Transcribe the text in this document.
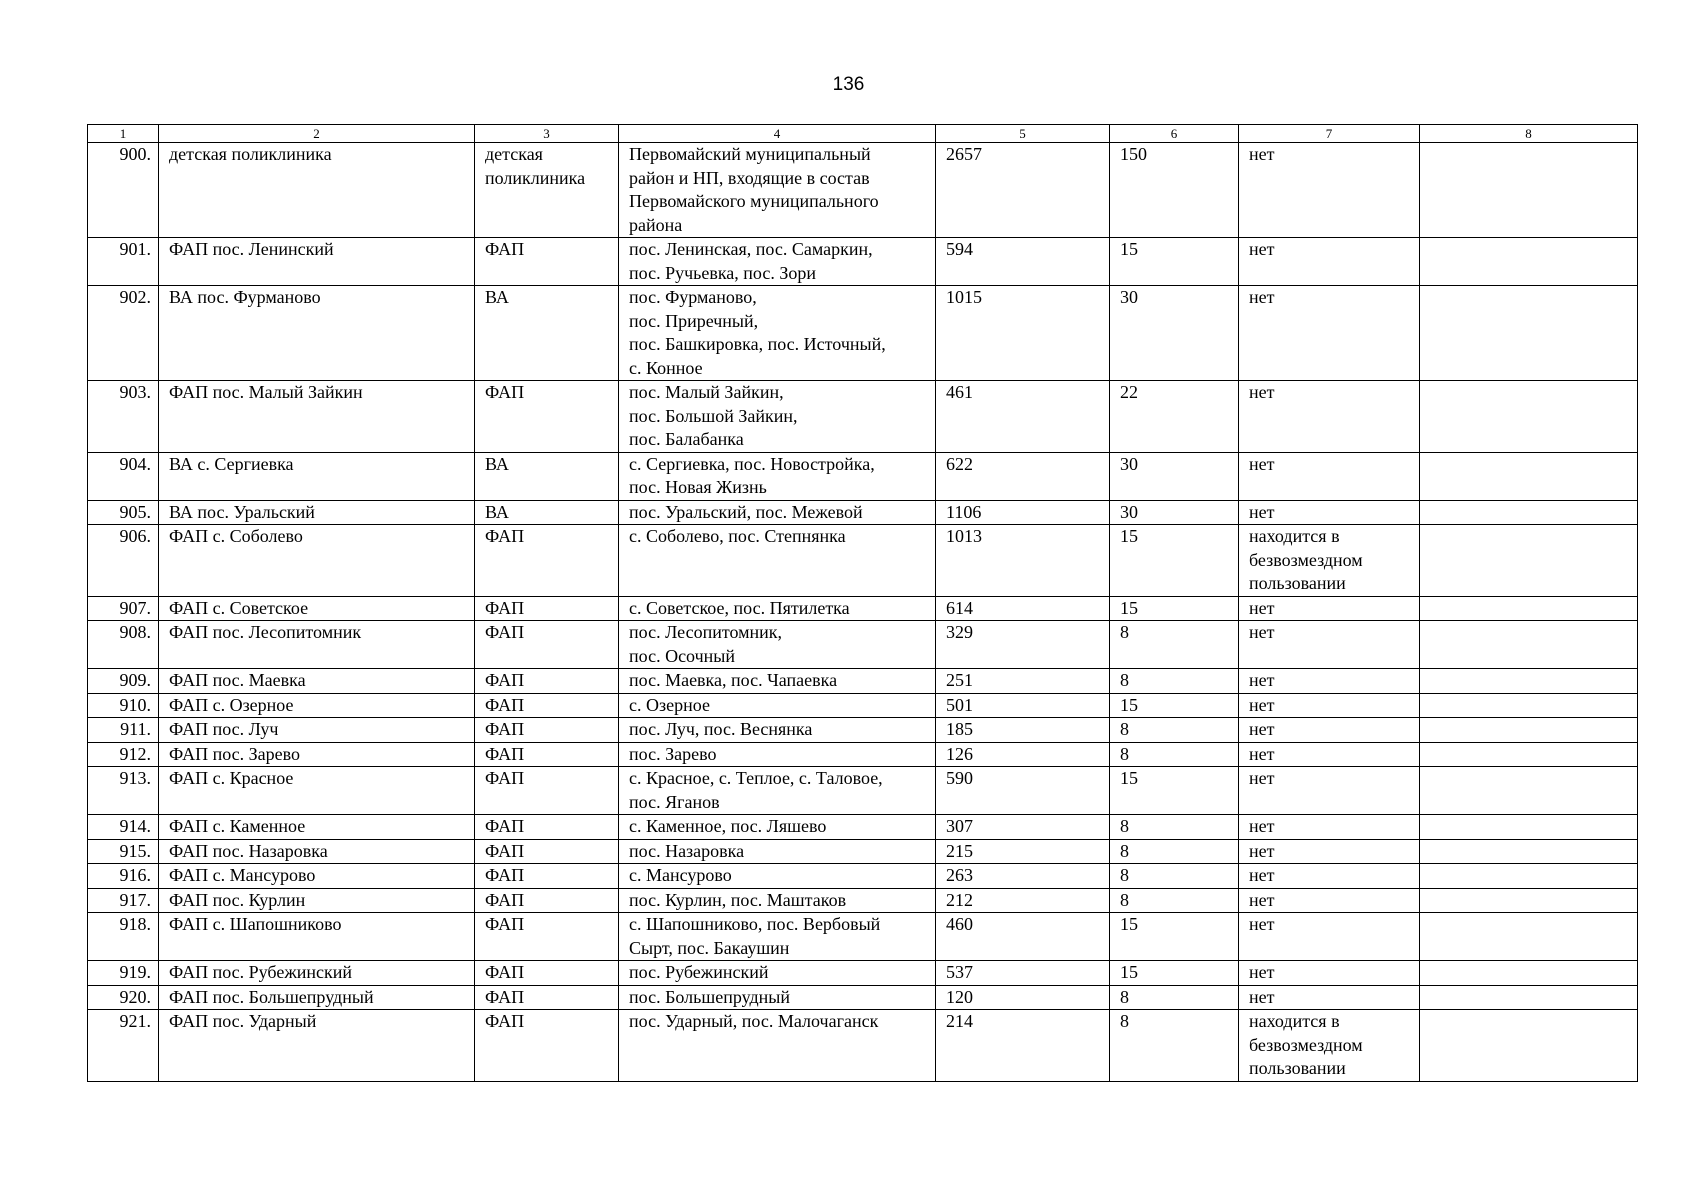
136
1	2	3	4	5	6	7	8
900.	детская поликлиника	детская
поликлиника	Первомайский муниципальный
район и НП, входящие в состав
Первомайского муниципального
района	2657	150	нет	
901.	ФАП пос. Ленинский	ФАП	пос. Ленинская, пос. Самаркин,
пос. Ручьевка, пос. Зори	594	15	нет	
902.	ВА пос. Фурманово	ВА	пос. Фурманово,
пос. Приречный,
пос. Башкировка, пос. Источный,
с. Конное	1015	30	нет	
903.	ФАП пос. Малый Зайкин	ФАП	пос. Малый Зайкин,
пос. Большой Зайкин,
пос. Балабанка	461	22	нет	
904.	ВА с. Сергиевка	ВА	с. Сергиевка, пос. Новостройка,
пос. Новая Жизнь	622	30	нет	
905.	ВА пос. Уральский	ВА	пос. Уральский, пос. Межевой	1106	30	нет	
906.	ФАП с. Соболево	ФАП	с. Соболево, пос. Степнянка	1013	15	находится в
безвозмездном
пользовании	
907.	ФАП с. Советское	ФАП	с. Советское, пос. Пятилетка	614	15	нет	
908.	ФАП пос. Лесопитомник	ФАП	пос. Лесопитомник,
пос. Осочный	329	8	нет	
909.	ФАП пос. Маевка	ФАП	пос. Маевка, пос. Чапаевка	251	8	нет	
910.	ФАП с. Озерное	ФАП	с. Озерное	501	15	нет	
911.	ФАП пос. Луч	ФАП	пос. Луч, пос. Веснянка	185	8	нет	
912.	ФАП пос. Зарево	ФАП	пос. Зарево	126	8	нет	
913.	ФАП с. Красное	ФАП	с. Красное, с. Теплое, с. Таловое,
пос. Яганов	590	15	нет	
914.	ФАП с. Каменное	ФАП	с. Каменное, пос. Ляшево	307	8	нет	
915.	ФАП пос. Назаровка	ФАП	пос. Назаровка	215	8	нет	
916.	ФАП с. Мансурово	ФАП	с. Мансурово	263	8	нет	
917.	ФАП пос. Курлин	ФАП	пос. Курлин, пос. Маштаков	212	8	нет	
918.	ФАП с. Шапошниково	ФАП	с. Шапошниково, пос. Вербовый
Сырт, пос. Бакаушин	460	15	нет	
919.	ФАП пос. Рубежинский	ФАП	пос. Рубежинский	537	15	нет	
920.	ФАП пос. Большепрудный	ФАП	пос. Большепрудный	120	8	нет	
921.	ФАП пос. Ударный	ФАП	пос. Ударный, пос. Малочаганск	214	8	находится в
безвозмездном
пользовании	
